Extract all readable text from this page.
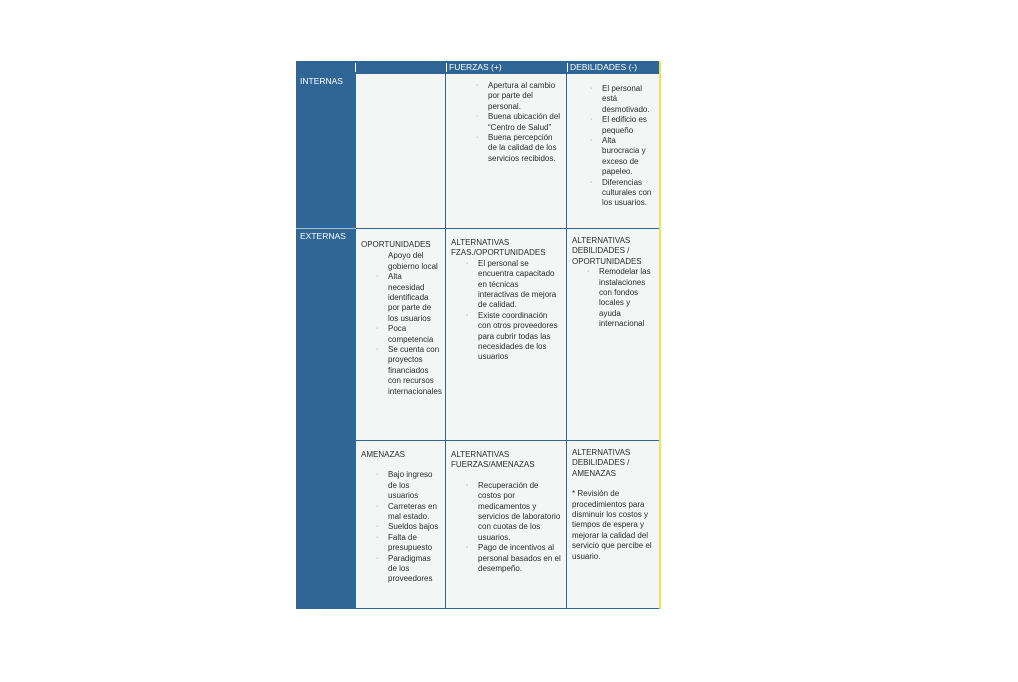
FUERZAS (+)	DEBILIDADES (-)
INTERNAS
EXTERNAS
· Apertura al cambio por parte del personal.
· Buena ubicación del “Centro de Salud”
· Buena percepción de la calidad de los servicios recibidos.
· El personal está desmotivado.
· El edificio es pequeño
· Alta burocracia y exceso de papeleo.
· Diferencias culturales con los usuarios.
OPORTUNIDADES
Apoyo del gobierno local
· Alta necesidad identificada por parte de los usuarios
· Poca competencia
· Se cuenta con proyectos financiados con recursos internacionales
ALTERNATIVAS FZAS./OPORTUNIDADES
· El personal se encuentra capacitado en técnicas interactivas de mejora de calidad.
· Existe coordinación con otros proveedores para cubrir todas las necesidades de los usuarios
ALTERNATIVAS DEBILIDADES / OPORTUNIDADES
· Remodelar las instalaciones con fondos locales y ayuda internacional
AMENAZAS
· Bajo ingreso de los usuarios
· Carreteras en mal estado.
· Sueldos bajos
· Falta de presupuesto
· Paradigmas de los proveedores
ALTERNATIVAS FUERZAS/AMENAZAS
· Recuperación de costos por medicamentos y servicios de laboratorio con cuotas de los usuarios.
· Pago de incentivos al personal basados en el desempeño.
ALTERNATIVAS DEBILIDADES / AMENAZAS
* Revisión de procedimientos para disminuir los costos y tiempos de espera y mejorar la calidad del servicio que percibe el usuario.
